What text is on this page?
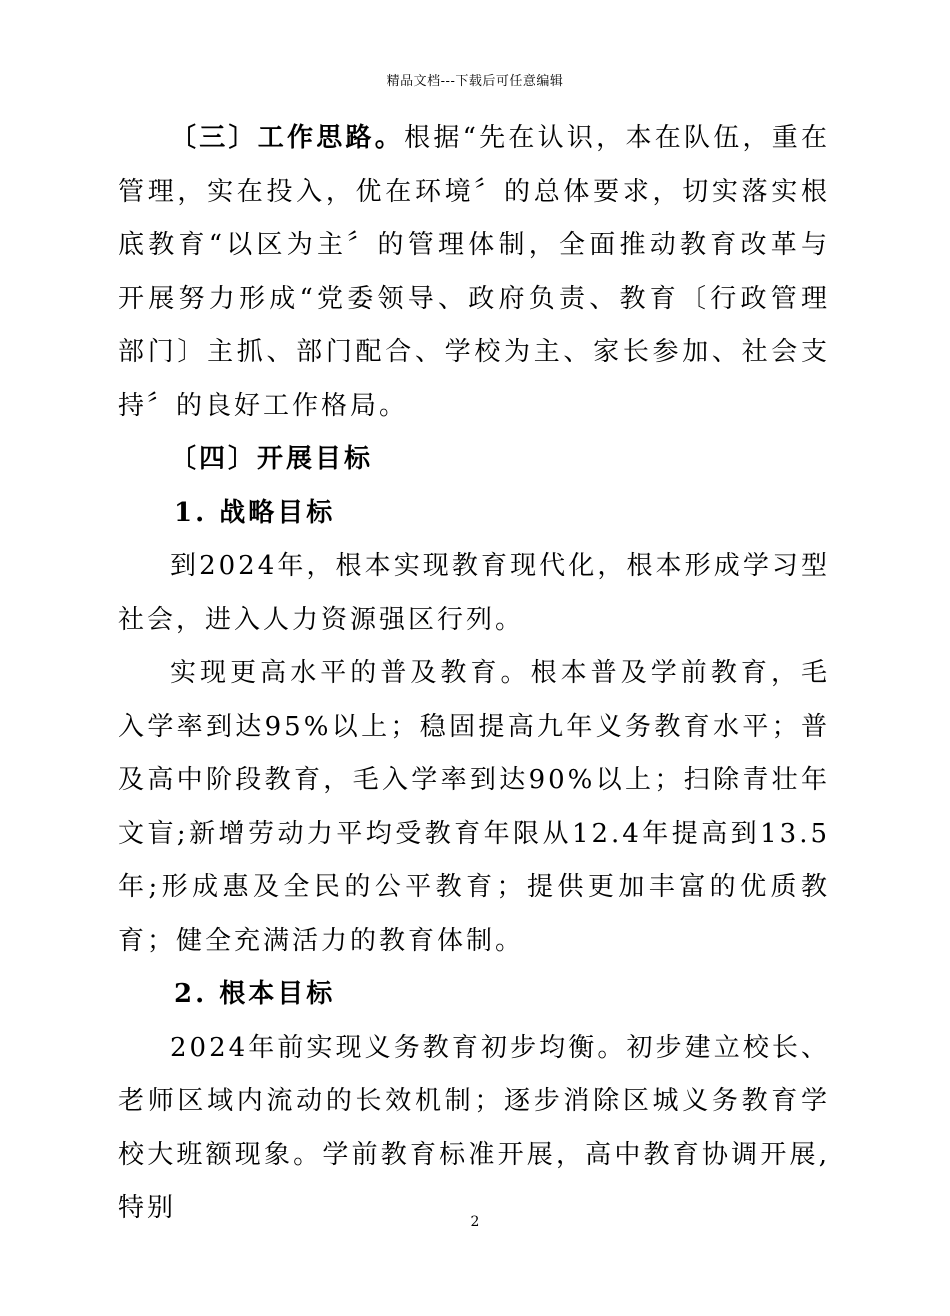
精品文档---下载后可任意编辑

〔三〕工作思路。根据“先在认识，本在队伍，重在管理，实在投入，优在环境〞的总体要求，切实落实根底教育“以区为主〞的管理体制，全面推动教育改革与开展努力形成“党委领导、政府负责、教育〔行政管理部门〕主抓、部门配合、学校为主、家长参加、社会支持〞的良好工作格局。

〔四〕开展目标

1. 战略目标

到2024年，根本实现教育现代化，根本形成学习型社会，进入人力资源强区行列。

实现更高水平的普及教育。根本普及学前教育，毛入学率到达95%以上；稳固提高九年义务教育水平；普及高中阶段教育，毛入学率到达90%以上；扫除青壮年文盲;新增劳动力平均受教育年限从12.4年提高到13.5年;形成惠及全民的公平教育；提供更加丰富的优质教育；健全充满活力的教育体制。

2. 根本目标

2024年前实现义务教育初步均衡。初步建立校长、老师区域内流动的长效机制；逐步消除区城义务教育学校大班额现象。学前教育标准开展，高中教育协调开展,特别	2
